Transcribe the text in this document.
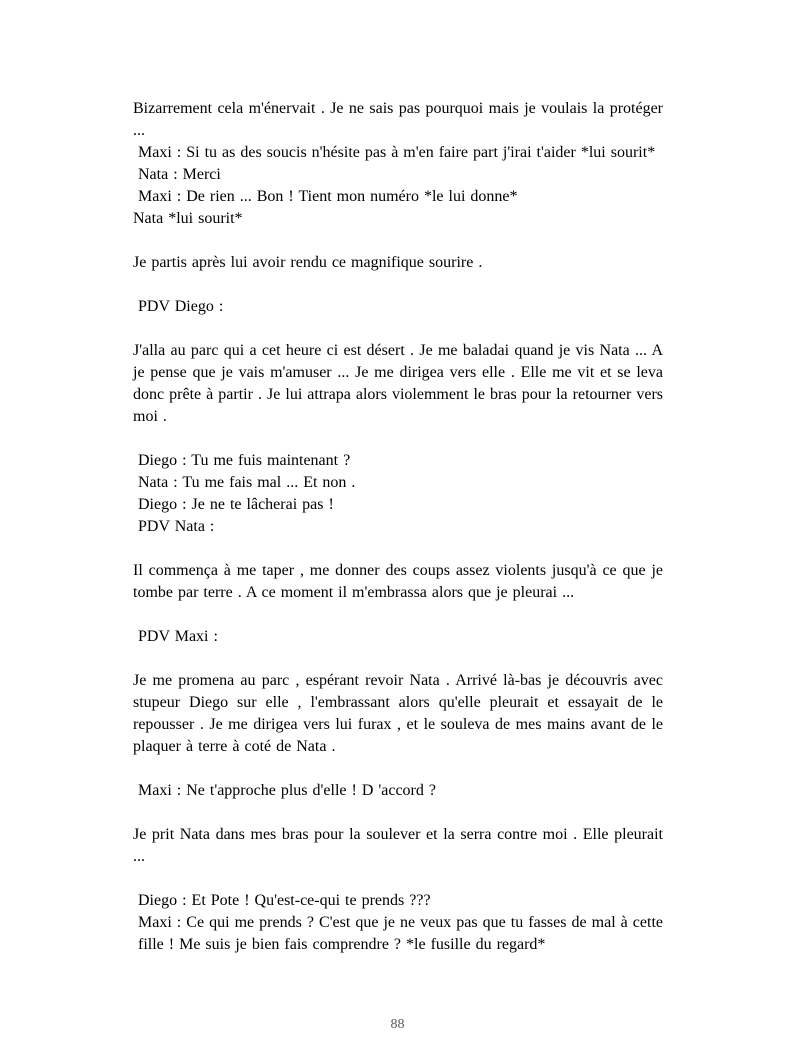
Bizarrement cela m'énervait . Je ne sais pas pourquoi mais je voulais la protéger ...

Maxi : Si tu as des soucis n'hésite pas à m'en faire part j'irai t'aider *lui sourit*

Nata : Merci

Maxi : De rien ... Bon ! Tient mon numéro *le lui donne*

Nata *lui sourit*

Je partis après lui avoir rendu ce magnifique sourire .

PDV Diego :

J'alla au parc qui a cet heure ci est désert . Je me baladai quand je vis Nata ... A je pense que je vais m'amuser ... Je me dirigea vers elle . Elle me vit et se leva donc prête à partir . Je lui attrapa alors violemment le bras pour la retourner vers moi .

Diego : Tu me fuis maintenant ?

Nata : Tu me fais mal ... Et non .

Diego : Je ne te lâcherai pas !

PDV Nata :

Il commença à me taper , me donner des coups assez violents jusqu'à ce que je tombe par terre . A ce moment il m'embrassa alors que je pleurai ...

PDV Maxi :

Je me promena au parc , espérant revoir Nata . Arrivé là-bas je découvris avec stupeur Diego sur elle , l'embrassant alors qu'elle pleurait et essayait de le repousser . Je me dirigea vers lui furax , et le souleva de mes mains avant de le plaquer à terre à coté de Nata .

Maxi : Ne t'approche plus d'elle ! D 'accord ?

Je prit Nata dans mes bras pour la soulever et la serra contre moi . Elle pleurait ...

Diego : Et Pote ! Qu'est-ce-qui te prends ???

Maxi : Ce qui me prends ? C'est que je ne veux pas que tu fasses de mal à cette fille ! Me suis je bien fais comprendre ? *le fusille du regard*

88
